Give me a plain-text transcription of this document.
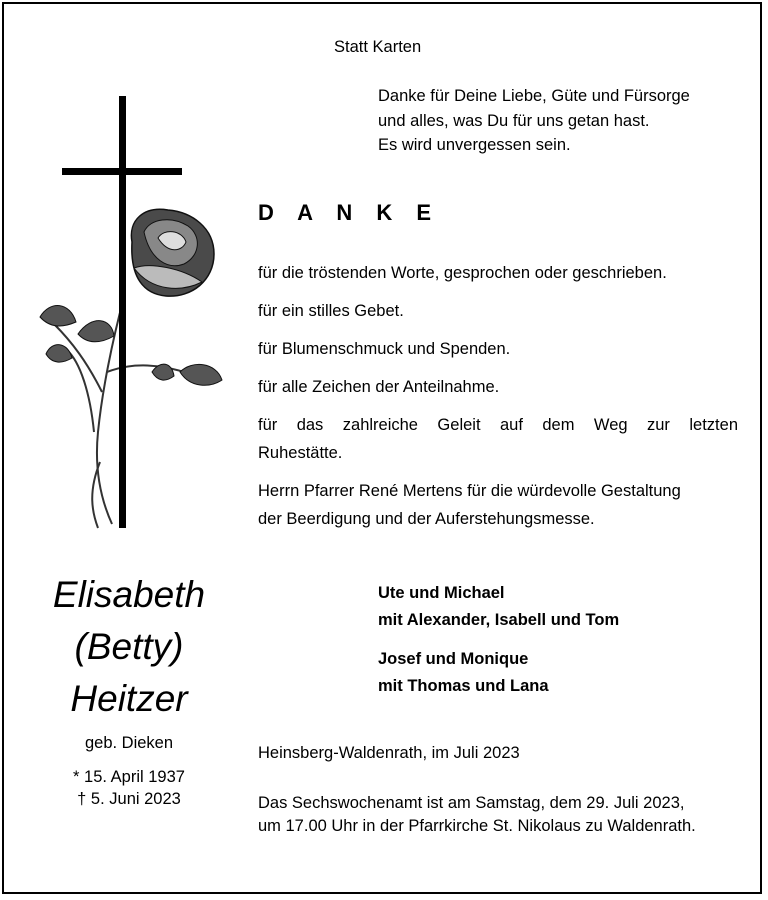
Statt Karten
Danke für Deine Liebe, Güte und Fürsorge
und alles, was Du für uns getan hast.
Es wird unvergessen sein.
D A N K E
für die tröstenden Worte, gesprochen oder geschrieben.
für ein stilles Gebet.
für Blumenschmuck und Spenden.
für alle Zeichen der Anteilnahme.
für das zahlreiche Geleit auf dem Weg zur letzten
Ruhestätte.
Herrn Pfarrer René Mertens für die würdevolle Gestaltung
der Beerdigung und der Auferstehungsmesse.
Elisabeth
(Betty)
Heitzer
geb. Dieken
* 15. April 1937
† 5. Juni 2023
Ute und Michael
mit Alexander, Isabell und Tom
Josef und Monique
mit Thomas und Lana
Heinsberg-Waldenrath, im Juli 2023
Das Sechswochenamt ist am Samstag, dem 29. Juli 2023,
um 17.00 Uhr in der Pfarrkirche St. Nikolaus zu Waldenrath.
